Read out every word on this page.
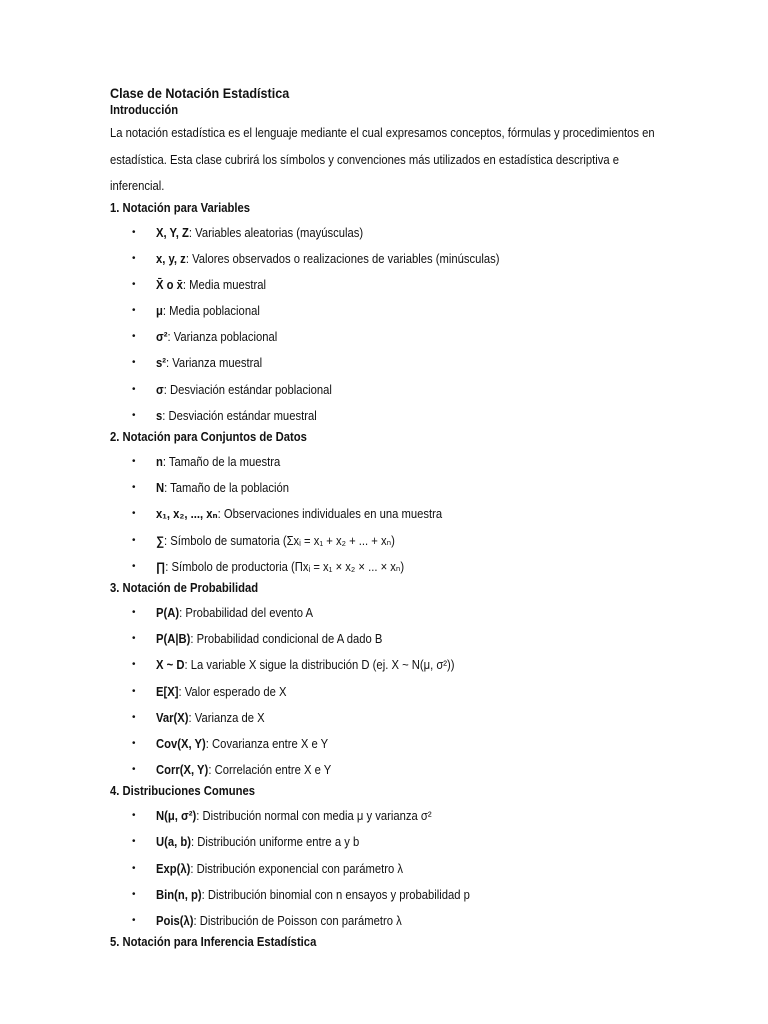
Clase de Notación Estadística
Introducción

La notación estadística es el lenguaje mediante el cual expresamos conceptos, fórmulas y procedimientos en estadística. Esta clase cubrirá los símbolos y convenciones más utilizados en estadística descriptiva e inferencial.

1. Notación para Variables
• X, Y, Z: Variables aleatorias (mayúsculas)
• x, y, z: Valores observados o realizaciones de variables (minúsculas)
• X̄ o x̄: Media muestral
• μ: Media poblacional
• σ²: Varianza poblacional
• s²: Varianza muestral
• σ: Desviación estándar poblacional
• s: Desviación estándar muestral
2. Notación para Conjuntos de Datos
• n: Tamaño de la muestra
• N: Tamaño de la población
• x₁, x₂, ..., xₙ: Observaciones individuales en una muestra
• ∑: Símbolo de sumatoria (Σxᵢ = x₁ + x₂ + ... + xₙ)
• ∏: Símbolo de productoria (Πxᵢ = x₁ × x₂ × ... × xₙ)
3. Notación de Probabilidad
• P(A): Probabilidad del evento A
• P(A|B): Probabilidad condicional de A dado B
• X ~ D: La variable X sigue la distribución D (ej. X ~ N(μ, σ²))
• E[X]: Valor esperado de X
• Var(X): Varianza de X
• Cov(X, Y): Covarianza entre X e Y
• Corr(X, Y): Correlación entre X e Y
4. Distribuciones Comunes
• N(μ, σ²): Distribución normal con media μ y varianza σ²
• U(a, b): Distribución uniforme entre a y b
• Exp(λ): Distribución exponencial con parámetro λ
• Bin(n, p): Distribución binomial con n ensayos y probabilidad p
• Pois(λ): Distribución de Poisson con parámetro λ
5. Notación para Inferencia Estadística
